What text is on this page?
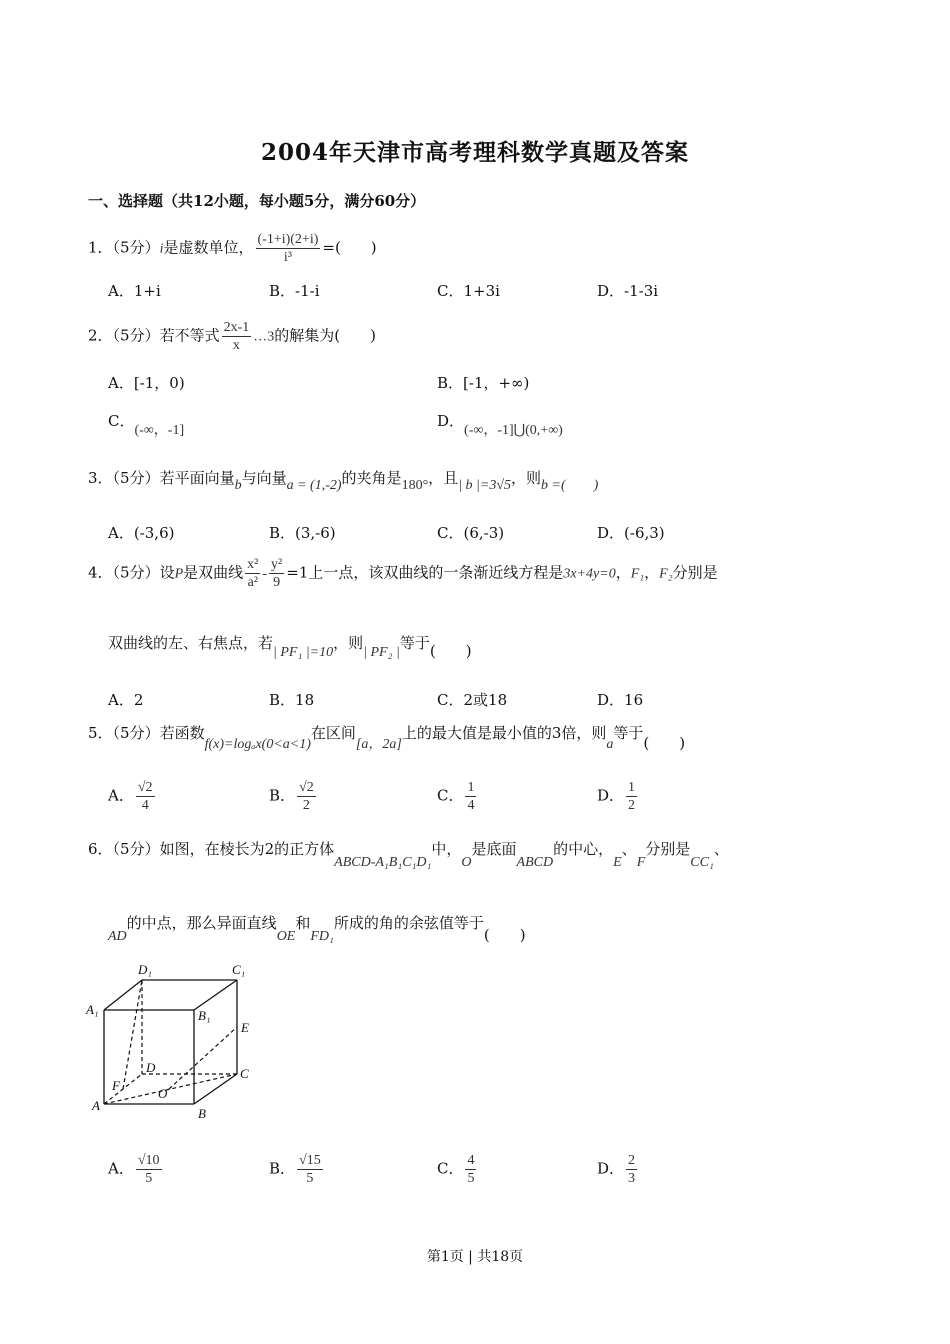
2004年天津市高考理科数学真题及答案
一、选择题（共12小题，每小题5分，满分60分）
1．（5分）i是虚数单位， $\frac{(-1+i)(2+i)}{\text{i³}}$ =(　　)
A．1+i	B．-1-i	C．1+3i	D．-1-3i
2．（5分）若不等式 $\frac{2x-1}{x}$ …3的解集为(　　)
A．[-1，0)	B．[-1，+∞)
C．(-∞，-1]
D．(-∞，-1]⋃(0,+∞)
3．（5分）若平面向量b与向量a = (1,-2)的夹角是180°，且| b |=3√5，则b =(　　)
A．(-3,6)	B．(3,-6)	C．(6,-3)	D．(-6,3)
4．（5分）设P是双曲线 $\frac{\text{x²}}{\text{a²}} - \frac{\text{y²}}{9} =1$上一点，该双曲线的一条渐近线方程是3x+4y=0，F₁，F₂分别是
双曲线的左、右焦点，若| PF₁ |=10，则| PF₂ |等于(　　)
A．2	B．18	C．2或18	D．16
5．（5分）若函数f(x)=logₐx(0<a<1)在区间[a，2a]上的最大值是最小值的3倍，则a等于(　　)
A． $\frac{√2}{4}$	B． $\frac{√2}{2}$	C． $\frac{1}{4}$	D． $\frac{1}{2}$
6．（5分）如图，在棱长为2的正方体ABCD-A₁B₁C₁D₁中，O是底面ABCD的中心，E、F分别是CC₁、
AD的中点，那么异面直线OE和FD₁所成的角的余弦值等于(　　)
D₁	C₁
A₁	B₁
E
D	C
F
O
A
B
A． $\frac{√10}{5}$	B． $\frac{√15}{5}$	C． $\frac{4}{5}$	D． $\frac{2}{3}$
第1页 | 共18页
